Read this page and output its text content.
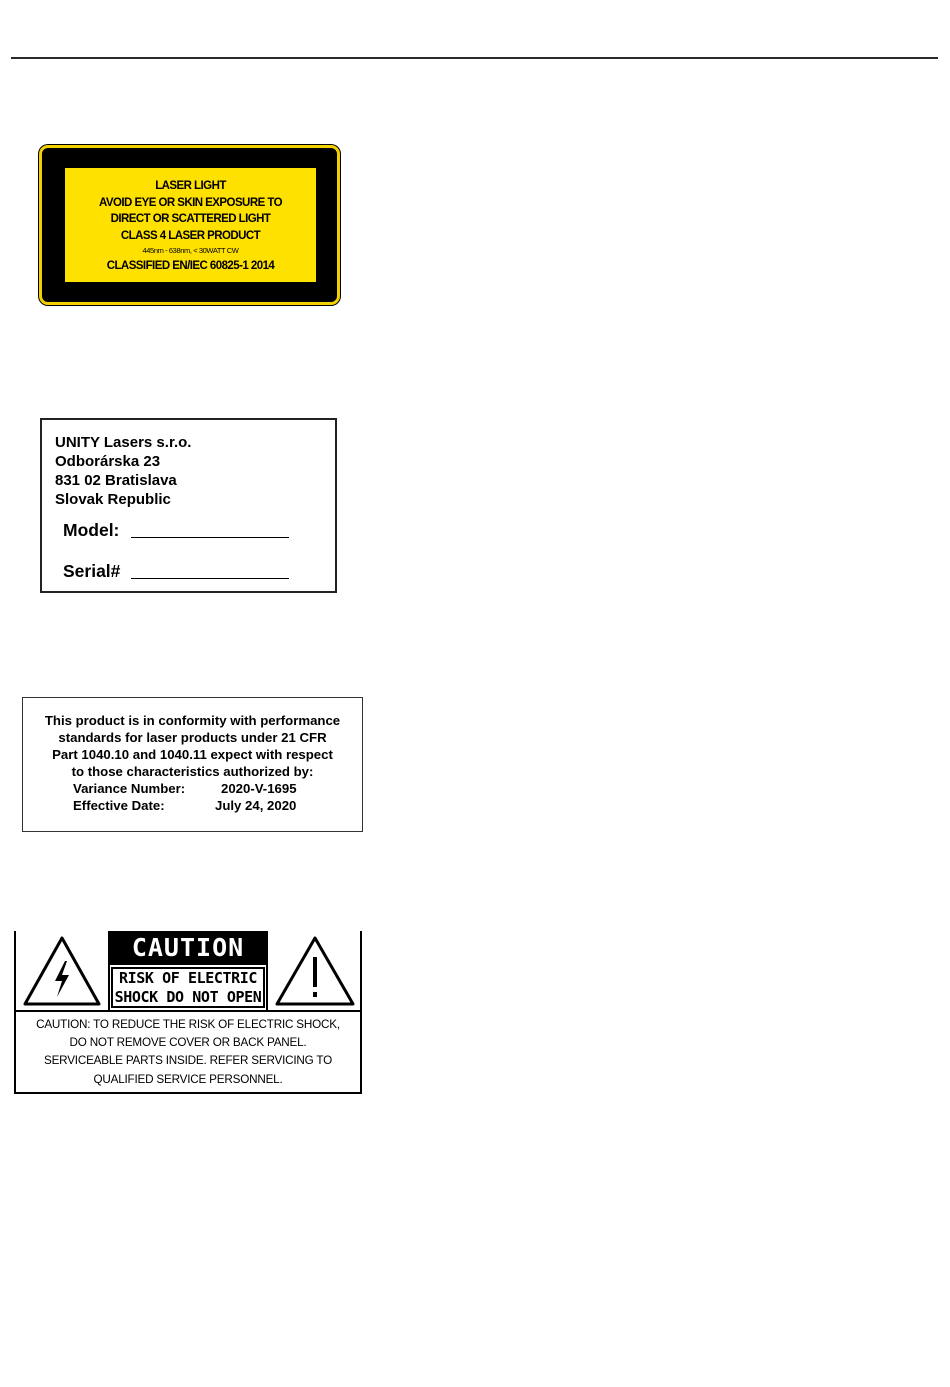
LASER LIGHT
AVOID EYE OR SKIN EXPOSURE TO
DIRECT OR SCATTERED LIGHT
CLASS 4 LASER PRODUCT
445nm - 638nm, < 30WATT CW
CLASSIFIED EN/IEC 60825-1 2014
UNITY Lasers s.r.o.
Odborárska 23
831 02 Bratislava
Slovak Republic
Model:
Serial#
This product is in conformity with performance
standards for laser products under 21 CFR
Part 1040.10 and 1040.11 expect with respect
to those characteristics authorized by:
Variance Number:	2020-V-1695
Effective Date:	July 24, 2020
CAUTION
RISK OF ELECTRIC
SHOCK DO NOT OPEN
CAUTION: TO REDUCE THE RISK OF ELECTRIC SHOCK,
DO NOT REMOVE COVER OR BACK PANEL.
SERVICEABLE PARTS INSIDE. REFER SERVICING TO
QUALIFIED SERVICE PERSONNEL.
